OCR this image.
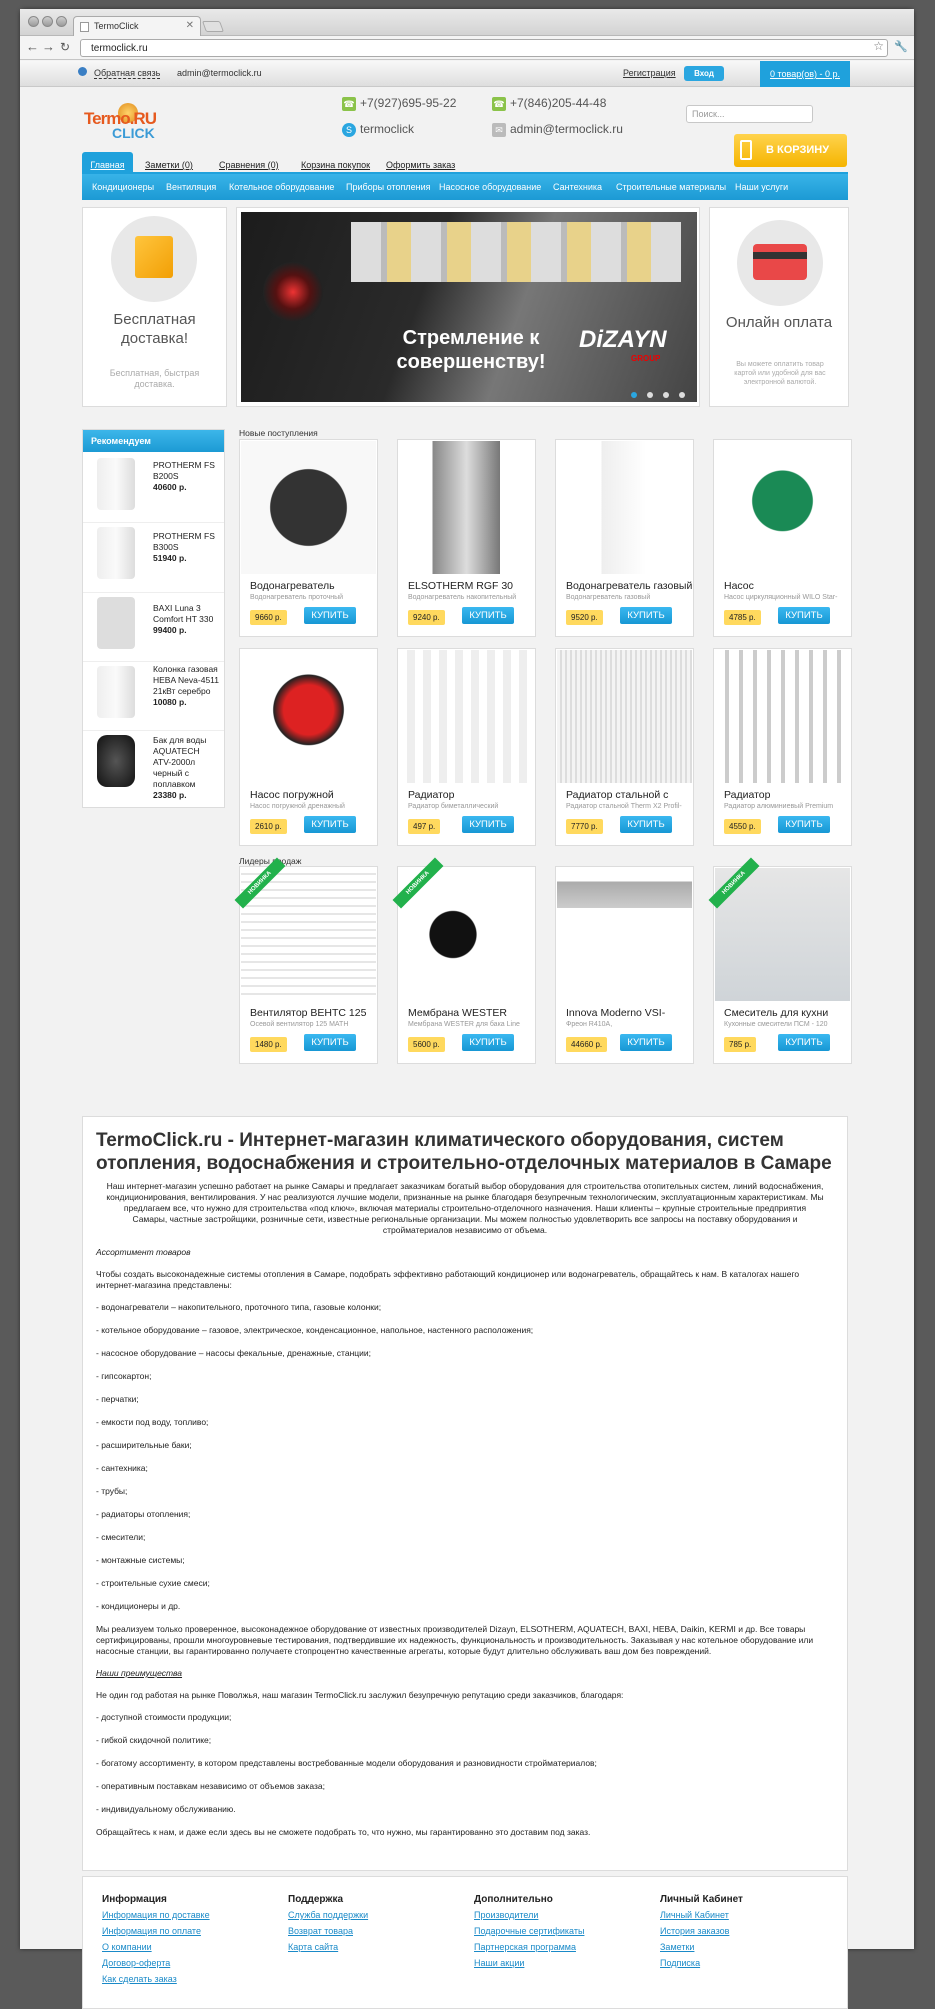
TermoClick	✕
← → ↻	termoclick.ru	☆ 🔧
Обратная связь admin@termoclick.ru	Регистрация	Вход	0 товар(ов) - 0 р.
Termo.RU
CLICK
☎ +7(927)695-95-22	☎ +7(846)205-44-48
S termoclick	✉ admin@termoclick.ru
Поиск...
В КОРЗИНУ
Главная	Заметки (0)	Сравнения (0) Корзина покупок Оформить заказ
Кондиционеры Вентиляция Котельное оборудование Приборы отопления Насосное оборудование Сантехника Строительные материалы Наши услуги
Бесплатная доставка!
Бесплатная, быстрая доставка.
Стремление к совершенству!
DiZAYN
GROUP
Онлайн оплата
Вы можете оплатить товар картой или удобной для вас электронной валютой.
Рекомендуем
PROTHERM FS B200S
40600 р.
PROTHERM FS B300S
51940 р.
BAXI Luna 3 Comfort HT 330
99400 р.
Колонка газовая HEBA Neva-4511 21кВт серебро
10080 р.
Бак для воды AQUATECH ATV-2000л черный с поплавком
23380 р.
Новые поступления
Водонагреватель
Водонагреватель проточный
9660 р.	КУПИТЬ
ELSOTHERM RGF 30
Водонагреватель накопительный
9240 р.	КУПИТЬ
Водонагреватель газовый
Водонагреватель газовый
9520 р.	КУПИТЬ
Насос
Насос циркуляционный WILO Star-
4785 р.	КУПИТЬ
Насос погружной
Насос погружной дренажный
2610 р.	КУПИТЬ
Радиатор
Радиатор биметаллический
497 р.	КУПИТЬ
Радиатор стальной с
Радиатор стальной Therm X2 Profil-
7770 р.	КУПИТЬ
Радиатор
Радиатор алюминиевый Premium
4550 р.	КУПИТЬ
Лидеры продаж
НОВИНКА
Вентилятор ВЕНТС 125
Осевой вентилятор 125 МАТН
1480 р.	КУПИТЬ
НОВИНКА
Мембрана WESTER
Мембрана WESTER для бака Line
5600 р.	КУПИТЬ
Innova Moderno VSI-
Фреон R410A,
44660 р.	КУПИТЬ
НОВИНКА
Смеситель для кухни
Кухонные смесители ПСМ - 120
785 р.	КУПИТЬ
TermoClick.ru - Интернет-магазин климатического оборудования, систем отопления, водоснабжения и строительно-отделочных материалов в Самаре

Наш интернет-магазин успешно работает на рынке Самары и предлагает заказчикам богатый выбор оборудования для строительства отопительных систем, линий водоснабжения, кондиционирования, вентилирования. У нас реализуются лучшие модели, признанные на рынке благодаря безупречным технологическим, эксплуатационным характеристикам. Мы предлагаем все, что нужно для строительства «под ключ», включая материалы строительно-отделочного назначения. Наши клиенты – крупные строительные предприятия Самары, частные застройщики, розничные сети, известные региональные организации. Мы можем полностью удовлетворить все запросы на поставку оборудования и стройматериалов независимо от объема.

Ассортимент товаров

Чтобы создать высоконадежные системы отопления в Самаре, подобрать эффективно работающий кондиционер или водонагреватель, обращайтесь к нам. В каталогах нашего интернет-магазина представлены:

- водонагреватели – накопительного, проточного типа, газовые колонки;

- котельное оборудование – газовое, электрическое, конденсационное, напольное, настенного расположения;

- насосное оборудование – насосы фекальные, дренажные, станции;

- гипсокартон;

- перчатки;

- емкости под воду, топливо;

- расширительные баки;

- сантехника;

- трубы;

- радиаторы отопления;

- смесители;

- монтажные системы;

- строительные сухие смеси;

- кондиционеры и др.

Мы реализуем только проверенное, высоконадежное оборудование от известных производителей Dizayn, ELSOTHERM, AQUATECH, BAXI, HEBA, Daikin, KERMI и др. Все товары сертифицированы, прошли многоуровневые тестирования, подтвердившие их надежность, функциональность и производительность. Заказывая у нас котельное оборудование или насосные станции, вы гарантированно получаете стопроцентно качественные агрегаты, которые будут длительно обслуживать ваш дом без повреждений.

Наши преимущества

Не один год работая на рынке Поволжья, наш магазин TermoClick.ru заслужил безупречную репутацию среди заказчиков, благодаря:

- доступной стоимости продукции;

- гибкой скидочной политике;

- богатому ассортименту, в котором представлены востребованные модели оборудования и разновидности стройматериалов;

- оперативным поставкам независимо от объемов заказа;

- индивидуальному обслуживанию.

Обращайтесь к нам, и даже если здесь вы не сможете подобрать то, что нужно, мы гарантированно это доставим под заказ.

Информация
Информация по доставке
Информация по оплате
О компании
Договор-оферта
Как сделать заказ
Поддержка
Служба поддержки
Возврат товара
Карта сайта
Дополнительно
Производители
Подарочные сертификаты
Партнерская программа
Наши акции
Личный Кабинет
Личный Кабинет
История заказов
Заметки
Подписка
